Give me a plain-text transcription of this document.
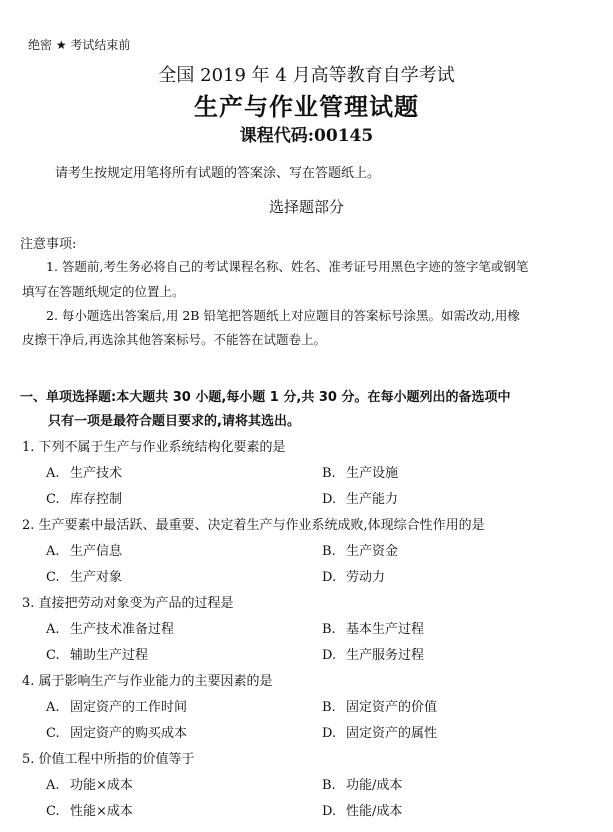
绝密 ★ 考试结束前
全国 2019 年 4 月高等教育自学考试
生产与作业管理试题
课程代码:00145
请考生按规定用笔将所有试题的答案涂、写在答题纸上。
选择题部分
注意事项:
1. 答题前,考生务必将自己的考试课程名称、姓名、准考证号用黑色字迹的签字笔或钢笔
填写在答题纸规定的位置上。
2. 每小题选出答案后,用 2B 铅笔把答题纸上对应题目的答案标号涂黑。如需改动,用橡
皮擦干净后,再选涂其他答案标号。不能答在试题卷上。
一、单项选择题:本大题共 30 小题,每小题 1 分,共 30 分。在每小题列出的备选项中
只有一项是最符合题目要求的,请将其选出。
1. 下列不属于生产与作业系统结构化要素的是
A. 生产技术	B. 生产设施
C. 库存控制	D. 生产能力
2. 生产要素中最活跃、最重要、决定着生产与作业系统成败,体现综合性作用的是
A. 生产信息	B. 生产资金
C. 生产对象	D. 劳动力
3. 直接把劳动对象变为产品的过程是
A. 生产技术准备过程	B. 基本生产过程
C. 辅助生产过程	D. 生产服务过程
4. 属于影响生产与作业能力的主要因素的是
A. 固定资产的工作时间	B. 固定资产的价值
C. 固定资产的购买成本	D. 固定资产的属性
5. 价值工程中所指的价值等于
A. 功能×成本	B. 功能/成本
C. 性能×成本	D. 性能/成本
